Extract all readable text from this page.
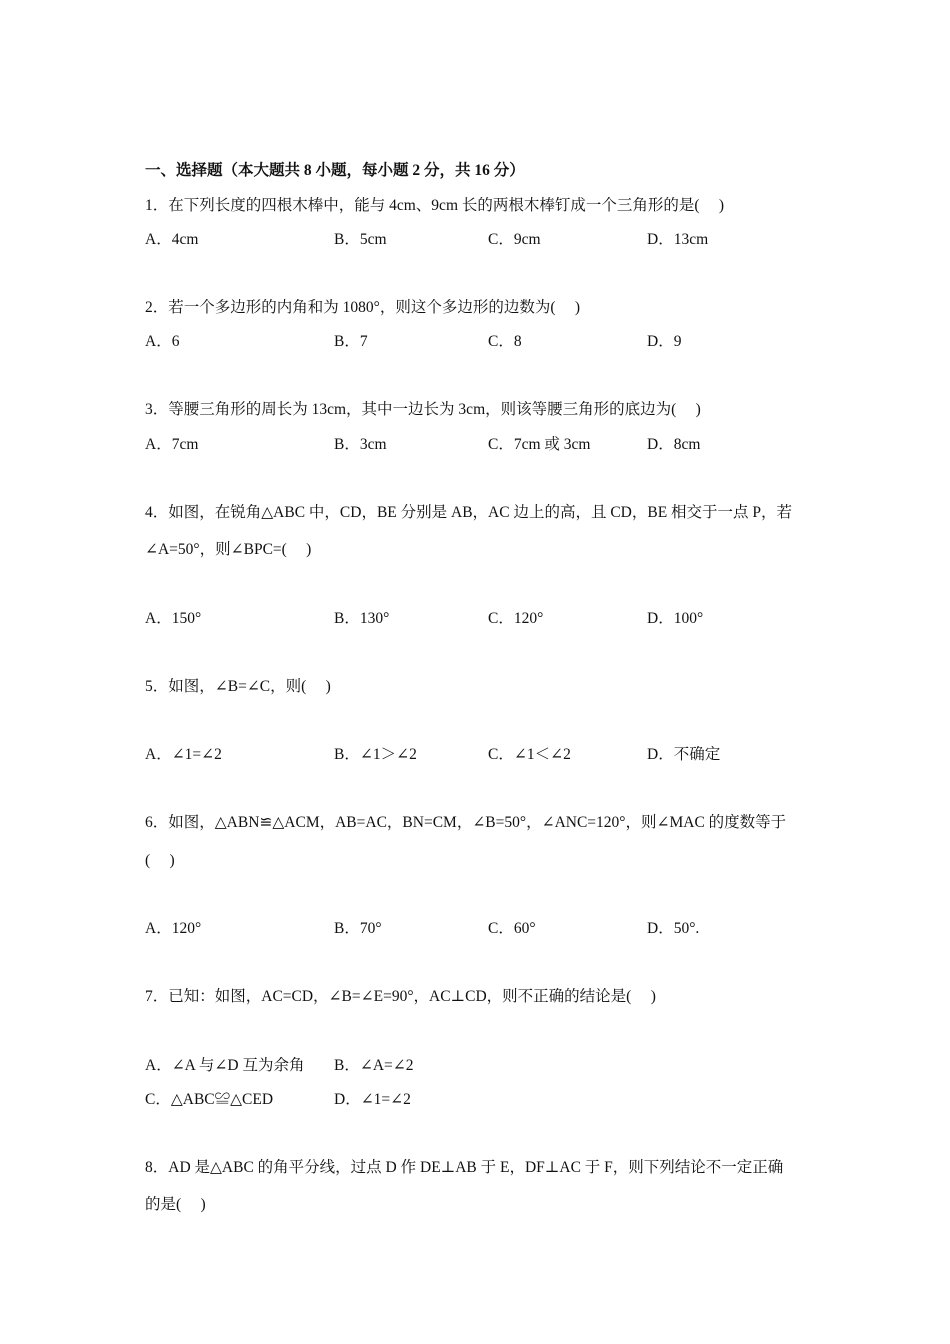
一、选择题（本大题共 8 小题，每小题 2 分，共 16 分）
1．在下列长度的四根木棒中，能与 4cm、9cm 长的两根木棒钉成一个三角形的是(　 )
A．4cm	B．5cm	C．9cm	D．13cm
2．若一个多边形的内角和为 1080°，则这个多边形的边数为(　 )
A．6	B．7	C．8	D．9
3．等腰三角形的周长为 13cm，其中一边长为 3cm，则该等腰三角形的底边为(　 )
A．7cm	B．3cm	C．7cm 或 3cm	D．8cm
4．如图，在锐角△ABC 中，CD，BE 分别是 AB，AC 边上的高，且 CD，BE 相交于一点 P，若
∠A=50°，则∠BPC=(　 )
A．150°	B．130°	C．120°	D．100°
5．如图，∠B=∠C，则(　 )
A．∠1=∠2	B．∠1＞∠2	C．∠1＜∠2	D．不确定
6．如图，△ABN≌△ACM，AB=AC，BN=CM，∠B=50°，∠ANC=120°，则∠MAC 的度数等于
(　 )
A．120°	B．70°	C．60°	D．50°.
7．已知：如图，AC=CD，∠B=∠E=90°，AC⊥CD，则不正确的结论是(　 )
A．∠A 与∠D 互为余角 B．∠A=∠2
C．△ABC≌△CED	D．∠1=∠2
8．AD 是△ABC 的角平分线，过点 D 作 DE⊥AB 于 E，DF⊥AC 于 F，则下列结论不一定正确
的是(　 )
